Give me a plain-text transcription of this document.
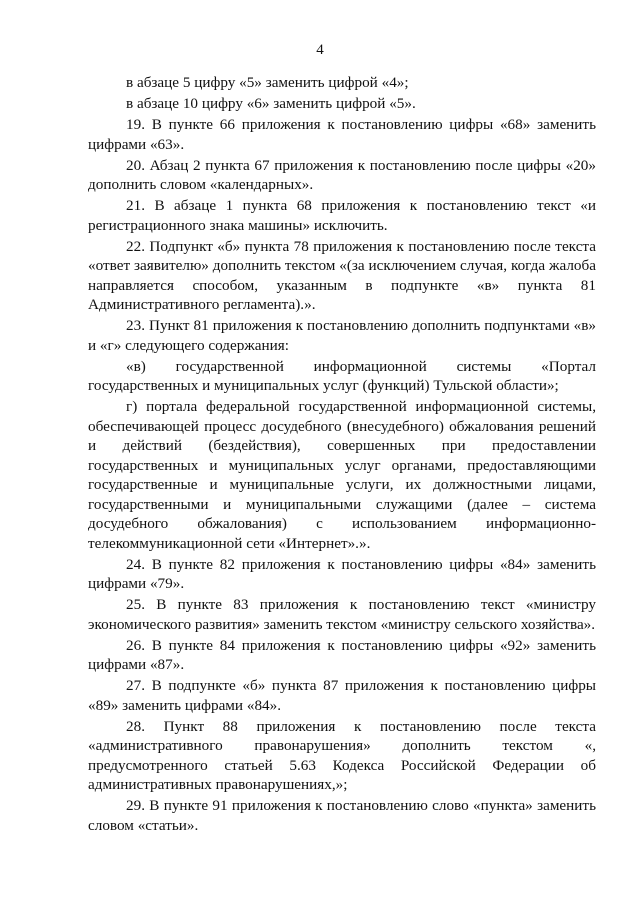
4

в абзаце 5 цифру «5» заменить цифрой «4»;

в абзаце 10 цифру «6» заменить цифрой «5».

19. В пункте 66 приложения к постановлению цифры «68» заменить цифрами «63».

20. Абзац 2 пункта 67 приложения к постановлению после цифры «20» дополнить словом «календарных».

21. В абзаце 1 пункта 68 приложения к постановлению текст «и регистрационного знака машины» исключить.

22. Подпункт «б» пункта 78 приложения к постановлению после текста «ответ заявителю» дополнить текстом «(за исключением случая, когда жалоба направляется способом, указанным в подпункте «в» пункта 81 Административного регламента).».

23. Пункт 81 приложения к постановлению дополнить подпунктами «в» и «г» следующего содержания:

«в) государственной информационной системы «Портал государственных и муниципальных услуг (функций) Тульской области»;

г) портала федеральной государственной информационной системы, обеспечивающей процесс досудебного (внесудебного) обжалования решений и действий (бездействия), совершенных при предоставлении государственных и муниципальных услуг органами, предоставляющими государственные и муниципальные услуги, их должностными лицами, государственными и муниципальными служащими (далее – система досудебного обжалования) с использованием информационно-телекоммуникационной сети «Интернет».».

24. В пункте 82 приложения к постановлению цифры «84» заменить цифрами «79».

25. В пункте 83 приложения к постановлению текст «министру экономического развития» заменить текстом «министру сельского хозяйства».

26. В пункте 84 приложения к постановлению цифры «92» заменить цифрами «87».

27. В подпункте «б» пункта 87 приложения к постановлению цифры «89» заменить цифрами «84».

28. Пункт 88 приложения к постановлению после текста «административного правонарушения» дополнить текстом «, предусмотренного статьей 5.63 Кодекса Российской Федерации об административных правонарушениях,»;

29. В пункте 91 приложения к постановлению слово «пункта» заменить словом «статьи».
